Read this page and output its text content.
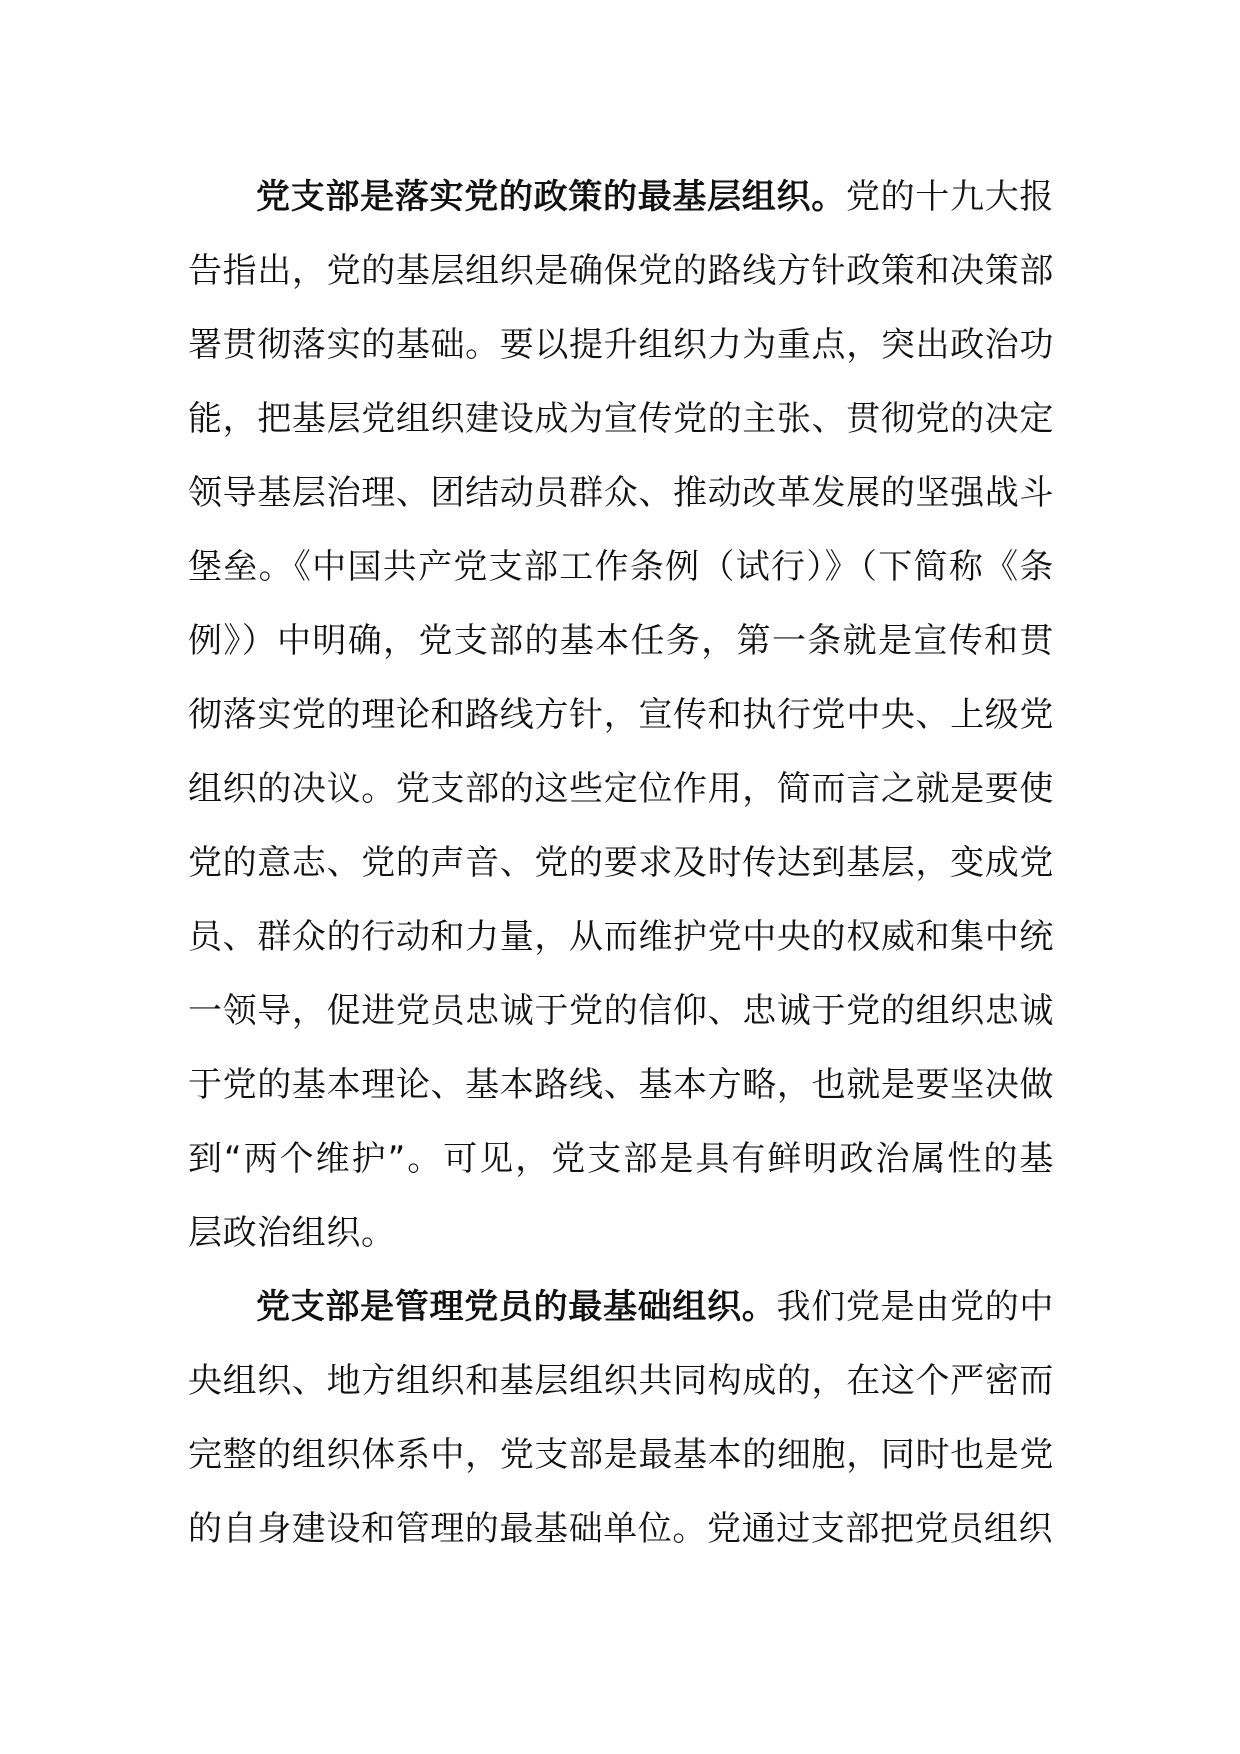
党支部是落实党的政策的最基层组织。党的十九大报告指出，党的基层组织是确保党的路线方针政策和决策部署贯彻落实的基础。要以提升组织力为重点，突出政治功能，把基层党组织建设成为宣传党的主张、贯彻党的决定领导基层治理、团结动员群众、推动改革发展的坚强战斗堡垒。《中国共产党支部工作条例（试行）》（下简称《条例》）中明确，党支部的基本任务，第一条就是宣传和贯彻落实党的理论和路线方针，宣传和执行党中央、上级党组织的决议。党支部的这些定位作用，简而言之就是要使党的意志、党的声音、党的要求及时传达到基层，变成党员、群众的行动和力量，从而维护党中央的权威和集中统一领导，促进党员忠诚于党的信仰、忠诚于党的组织忠诚于党的基本理论、基本路线、基本方略，也就是要坚决做到“两个维护”。可见，党支部是具有鲜明政治属性的基层政治组织。

党支部是管理党员的最基础组织。我们党是由党的中央组织、地方组织和基层组织共同构成的，在这个严密而完整的组织体系中，党支部是最基本的细胞，同时也是党的自身建设和管理的最基础单位。党通过支部把党员组织
